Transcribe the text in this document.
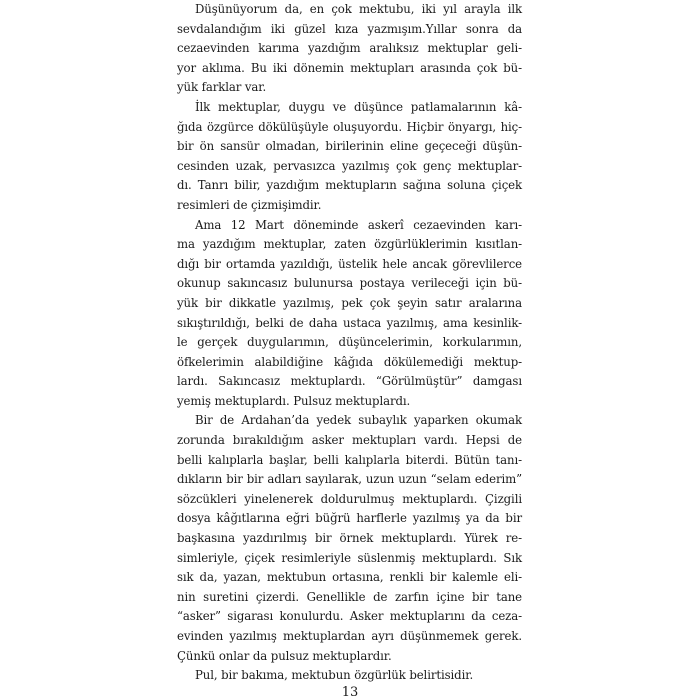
Düşünüyorum da, en çok mektubu, iki yıl arayla ilk
sevdalandığım iki güzel kıza yazmışım.Yıllar sonra da
cezaevinden karıma yazdığım aralıksız mektuplar geli-
yor aklıma. Bu iki dönemin mektupları arasında çok bü-
yük farklar var.
İlk mektuplar, duygu ve düşünce patlamalarının kâ-
ğıda özgürce dökülüşüyle oluşuyordu. Hiçbir önyargı, hiç-
bir ön sansür olmadan, birilerinin eline geçeceği düşün-
cesinden uzak, pervasızca yazılmış çok genç mektuplar-
dı. Tanrı bilir, yazdığım mektupların sağına soluna çiçek
resimleri de çizmişimdir.
Ama 12 Mart döneminde askerî cezaevinden karı-
ma yazdığım mektuplar, zaten özgürlüklerimin kısıtlan-
dığı bir ortamda yazıldığı, üstelik hele ancak görevlilerce
okunup sakıncasız bulunursa postaya verileceği için bü-
yük bir dikkatle yazılmış, pek çok şeyin satır aralarına
sıkıştırıldığı, belki de daha ustaca yazılmış, ama kesinlik-
le gerçek duygularımın, düşüncelerimin, korkularımın,
öfkelerimin alabildiğine kâğıda dökülemediği mektup-
lardı. Sakıncasız mektuplardı. “Görülmüştür” damgası
yemiş mektuplardı. Pulsuz mektuplardı.
Bir de Ardahan’da yedek subaylık yaparken okumak
zorunda bırakıldığım asker mektupları vardı. Hepsi de
belli kalıplarla başlar, belli kalıplarla biterdi. Bütün tanı-
dıkların bir bir adları sayılarak, uzun uzun “selam ederim”
sözcükleri yinelenerek doldurulmuş mektuplardı. Çizgili
dosya kâğıtlarına eğri büğrü harflerle yazılmış ya da bir
başkasına yazdırılmış bir örnek mektuplardı. Yürek re-
simleriyle, çiçek resimleriyle süslenmiş mektuplardı. Sık
sık da, yazan, mektubun ortasına, renkli bir kalemle eli-
nin suretini çizerdi. Genellikle de zarfın içine bir tane
“asker” sigarası konulurdu. Asker mektuplarını da ceza-
evinden yazılmış mektuplardan ayrı düşünmemek gerek.
Çünkü onlar da pulsuz mektuplardır.
Pul, bir bakıma, mektubun özgürlük belirtisidir.
13
